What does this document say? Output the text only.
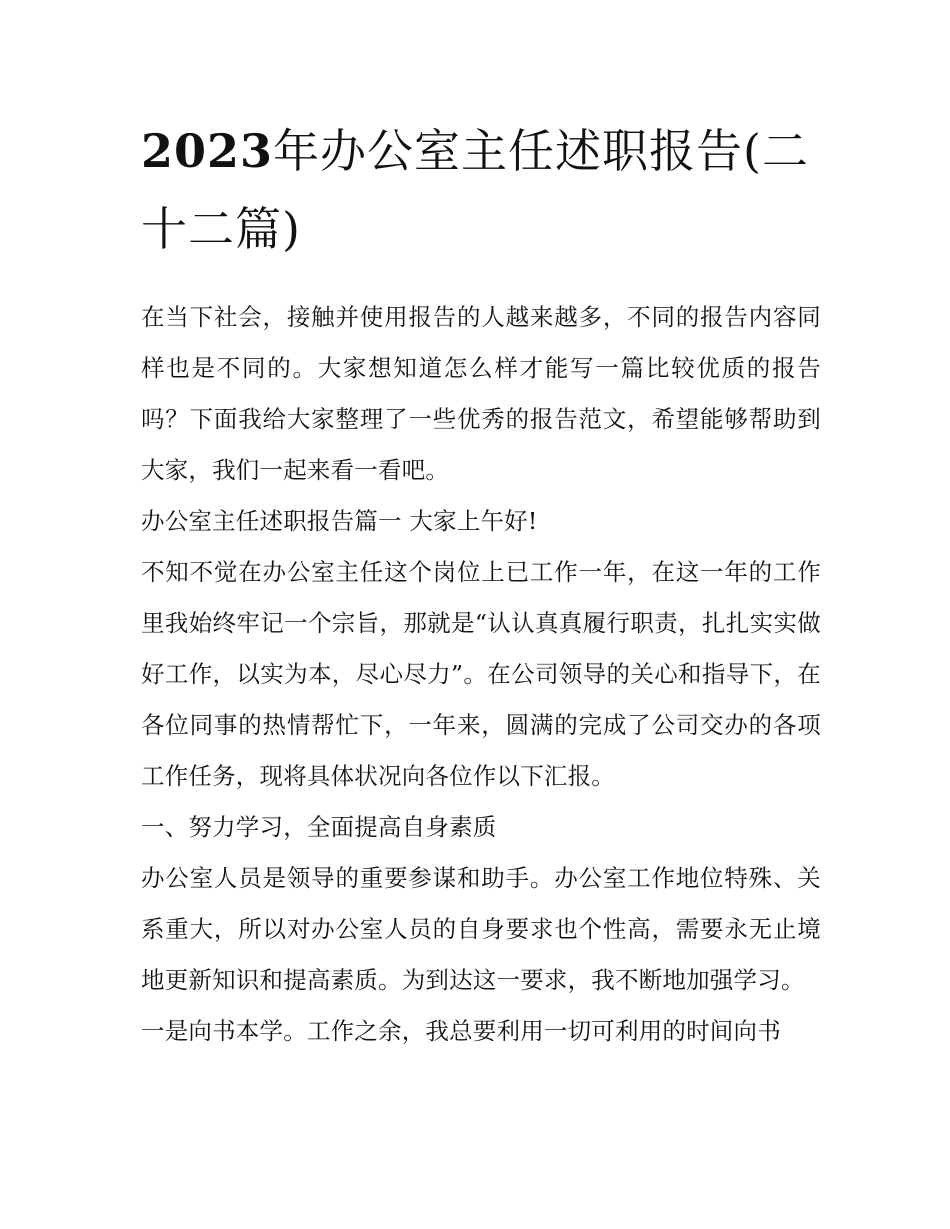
2023年办公室主任述职报告(二十二篇)

在当下社会，接触并使用报告的人越来越多，不同的报告内容同样也是不同的。大家想知道怎么样才能写一篇比较优质的报告吗？下面我给大家整理了一些优秀的报告范文，希望能够帮助到大家，我们一起来看一看吧。

办公室主任述职报告篇一 大家上午好!

不知不觉在办公室主任这个岗位上已工作一年，在这一年的工作里我始终牢记一个宗旨，那就是“认认真真履行职责，扎扎实实做好工作，以实为本，尽心尽力”。在公司领导的关心和指导下，在各位同事的热情帮忙下，一年来，圆满的完成了公司交办的各项工作任务，现将具体状况向各位作以下汇报。

一、努力学习，全面提高自身素质

办公室人员是领导的重要参谋和助手。办公室工作地位特殊、关系重大，所以对办公室人员的自身要求也个性高，需要永无止境地更新知识和提高素质。为到达这一要求，我不断地加强学习。

一是向书本学。工作之余，我总要利用一切可利用的时间向书
